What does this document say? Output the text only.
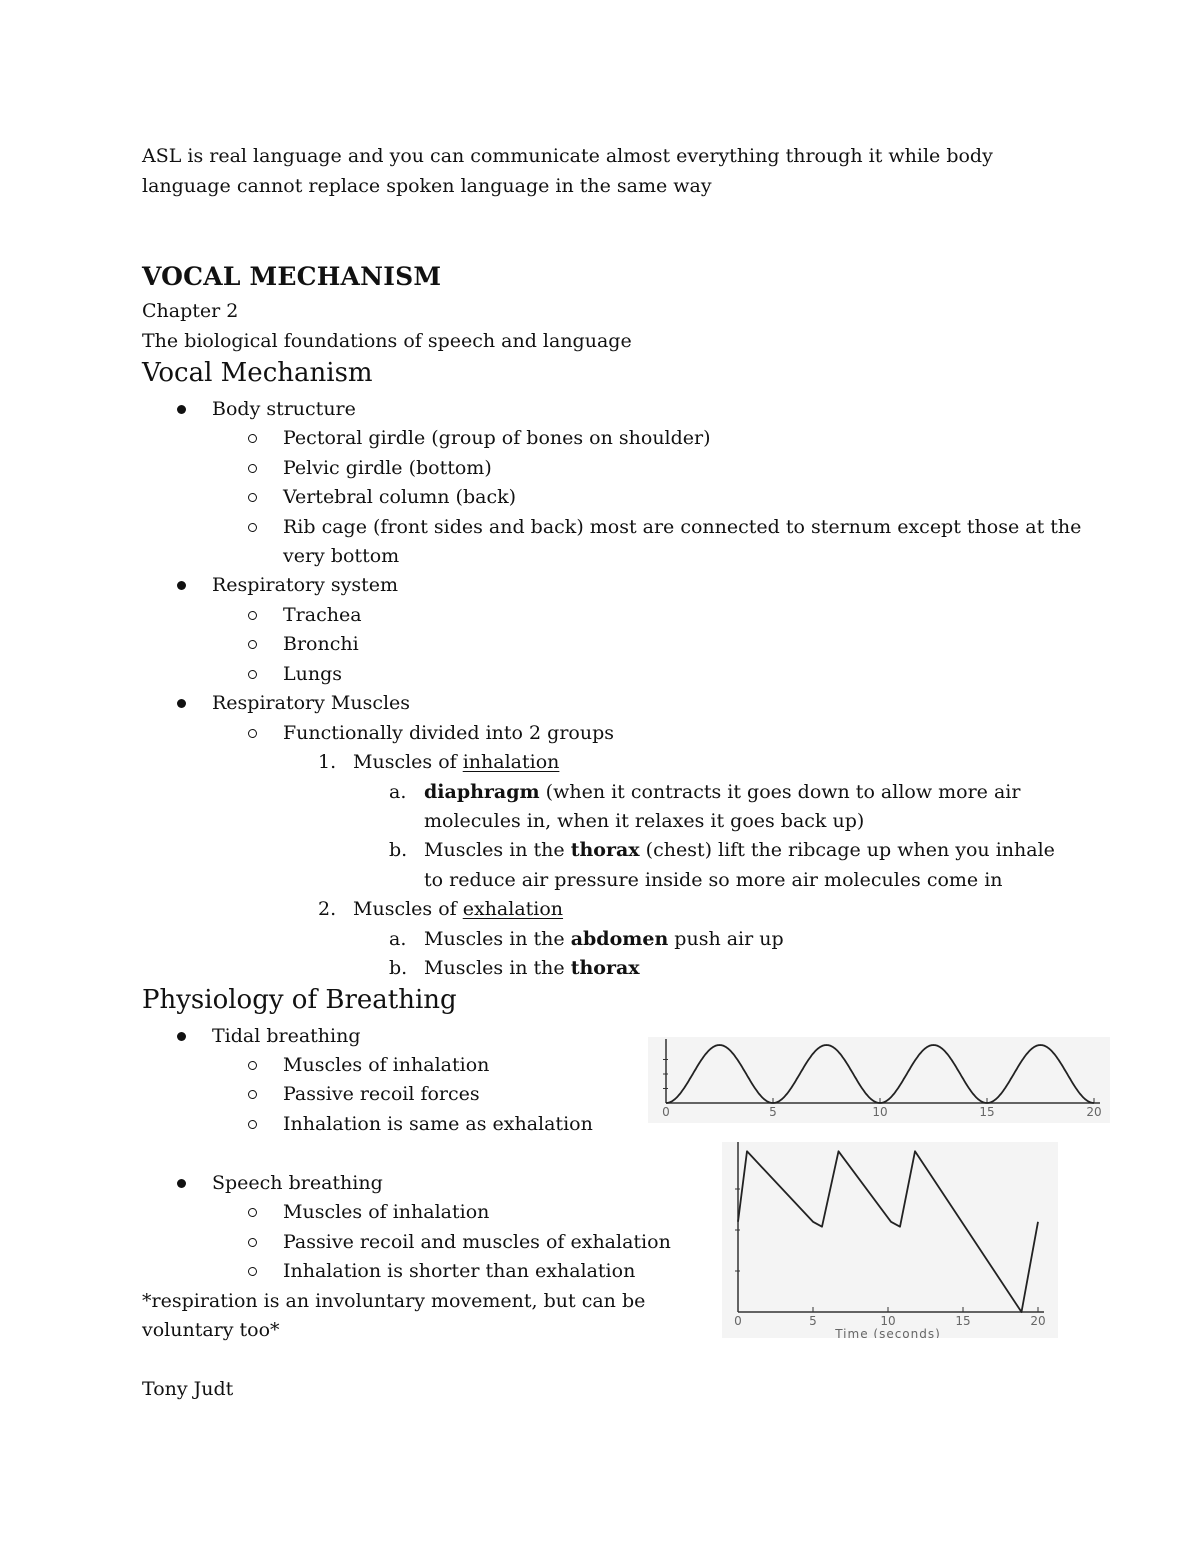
ASL is real language and you can communicate almost everything through it while body
language cannot replace spoken language in the same way
VOCAL MECHANISM
Chapter 2
The biological foundations of speech and language
Vocal Mechanism
Body structure
Pectoral girdle (group of bones on shoulder)
Pelvic girdle (bottom)
Vertebral column (back)
Rib cage (front sides and back) most are connected to sternum except those at the
very bottom
Respiratory system
Trachea
Bronchi
Lungs
Respiratory Muscles
Functionally divided into 2 groups
1. Muscles of inhalation
a. diaphragm (when it contracts it goes down to allow more air
molecules in, when it relaxes it goes back up)
b. Muscles in the thorax (chest) lift the ribcage up when you inhale
to reduce air pressure inside so more air molecules come in
2. Muscles of exhalation
a. Muscles in the abdomen push air up
b. Muscles in the thorax
Physiology of Breathing
Tidal breathing
Muscles of inhalation
Passive recoil forces
Inhalation is same as exhalation
Speech breathing
Muscles of inhalation
Passive recoil and muscles of exhalation
Inhalation is shorter than exhalation
*respiration is an involuntary movement, but can be
voluntary too*
Tony Judt
0	5	10	15	20
0	5	10	15	20
Time (seconds)
